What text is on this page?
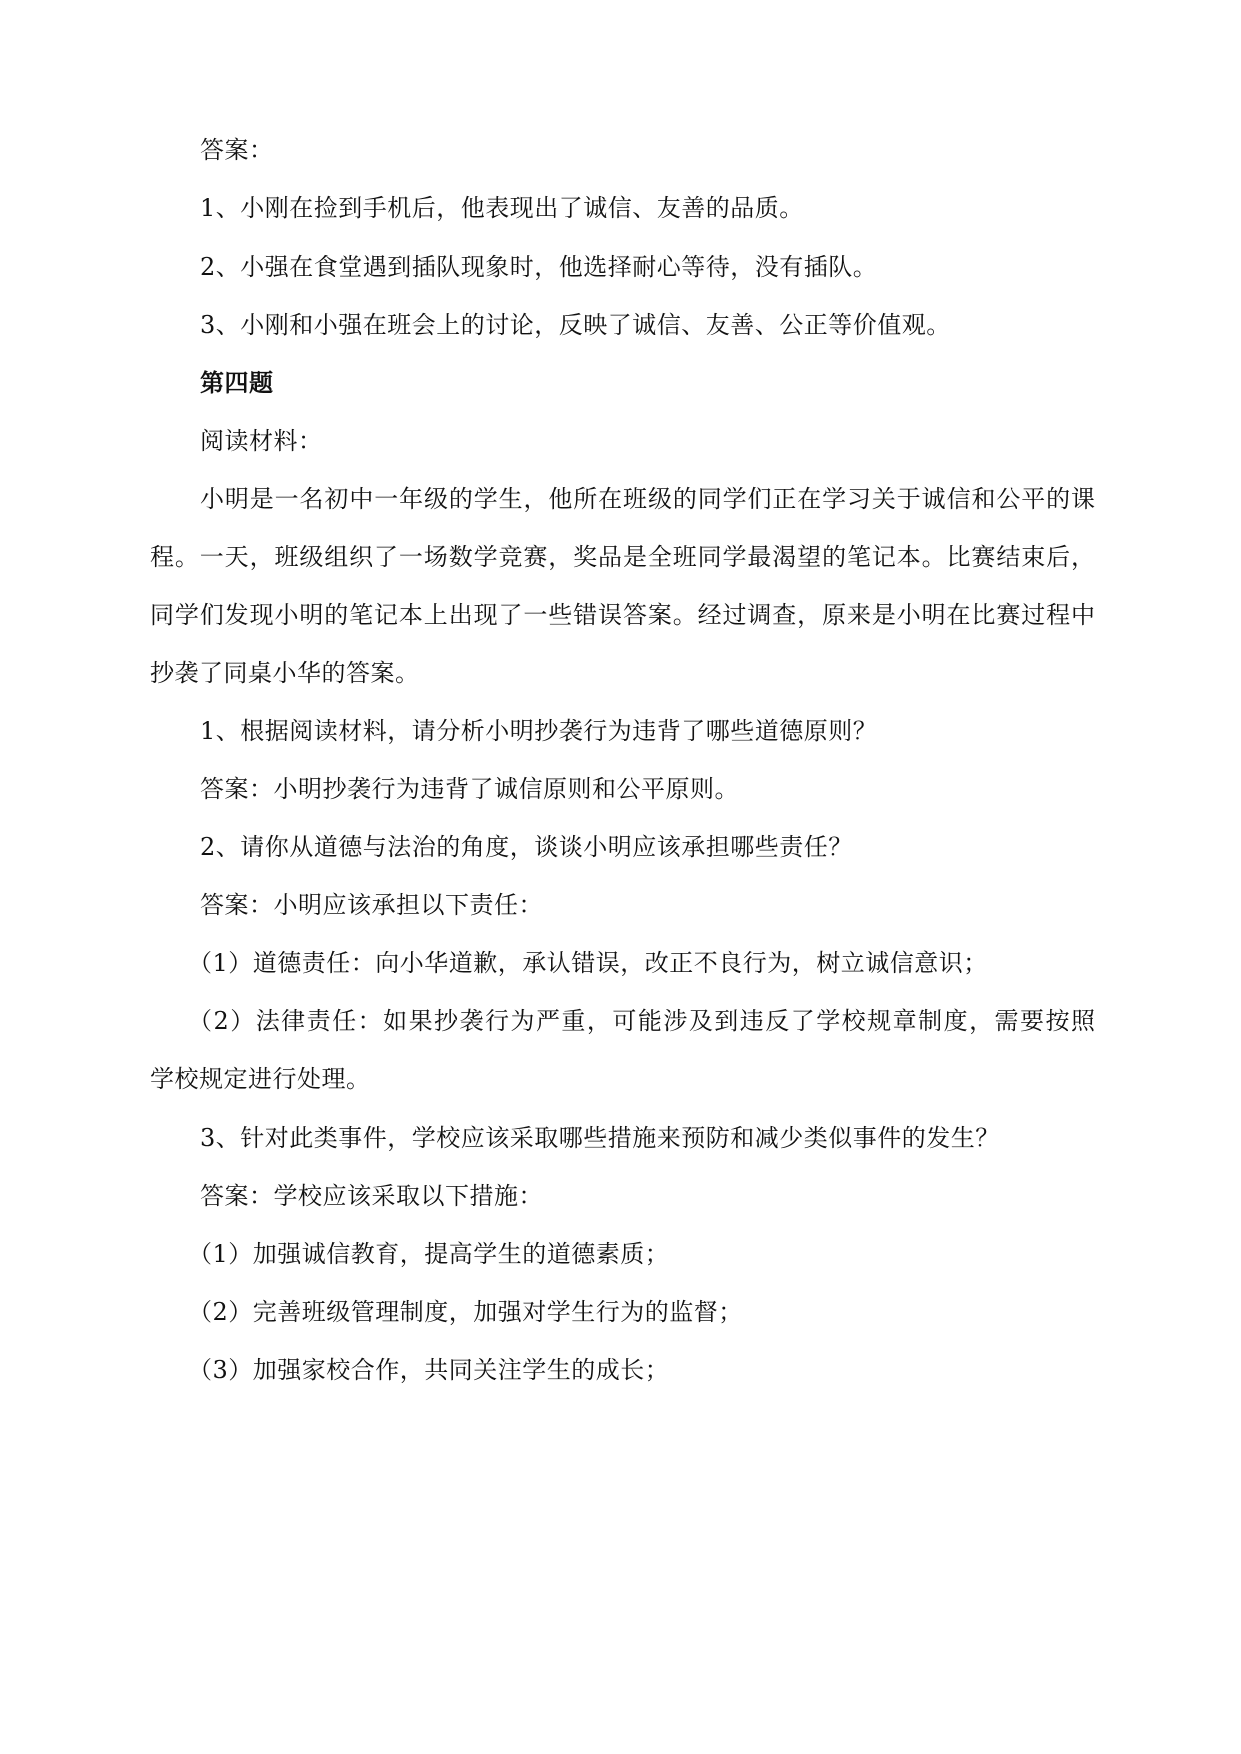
答案：
1、小刚在捡到手机后，他表现出了诚信、友善的品质。
2、小强在食堂遇到插队现象时，他选择耐心等待，没有插队。
3、小刚和小强在班会上的讨论，反映了诚信、友善、公正等价值观。
第四题
阅读材料：
小明是一名初中一年级的学生，他所在班级的同学们正在学习关于诚信和公平的课
程。一天，班级组织了一场数学竞赛，奖品是全班同学最渴望的笔记本。比赛结束后，
同学们发现小明的笔记本上出现了一些错误答案。经过调查，原来是小明在比赛过程中
抄袭了同桌小华的答案。
1、根据阅读材料，请分析小明抄袭行为违背了哪些道德原则？
答案：小明抄袭行为违背了诚信原则和公平原则。
2、请你从道德与法治的角度，谈谈小明应该承担哪些责任？
答案：小明应该承担以下责任：
（1）道德责任：向小华道歉，承认错误，改正不良行为，树立诚信意识；
（2）法律责任：如果抄袭行为严重，可能涉及到违反了学校规章制度，需要按照
学校规定进行处理。
3、针对此类事件，学校应该采取哪些措施来预防和减少类似事件的发生？
答案：学校应该采取以下措施：
（1）加强诚信教育，提高学生的道德素质；
（2）完善班级管理制度，加强对学生行为的监督；
（3）加强家校合作，共同关注学生的成长；
